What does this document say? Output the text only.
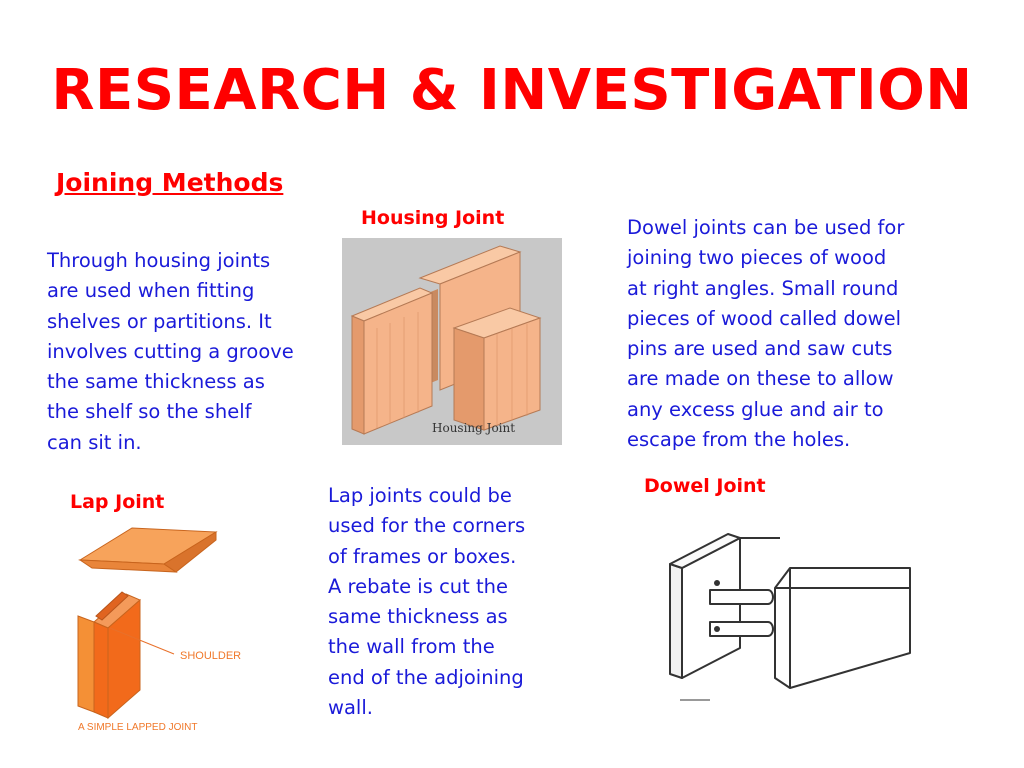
RESEARCH & INVESTIGATION
Joining Methods
Housing Joint
Through housing joints
are used when fitting
shelves or partitions. It
involves cutting a groove
the same thickness as
the shelf so the shelf
can sit in.
Housing Joint
Dowel joints can be used for
joining two pieces of wood
at right angles. Small round
pieces of wood called dowel
pins are used and saw cuts
are made on these to allow
any excess glue and air to
escape from the holes.
Dowel Joint
Lap Joint	Lap joints could be
used for the corners
of frames or boxes.
A rebate is cut the
same thickness as
the wall from the
end of the adjoining
wall.
SHOULDER
A SIMPLE LAPPED JOINT
